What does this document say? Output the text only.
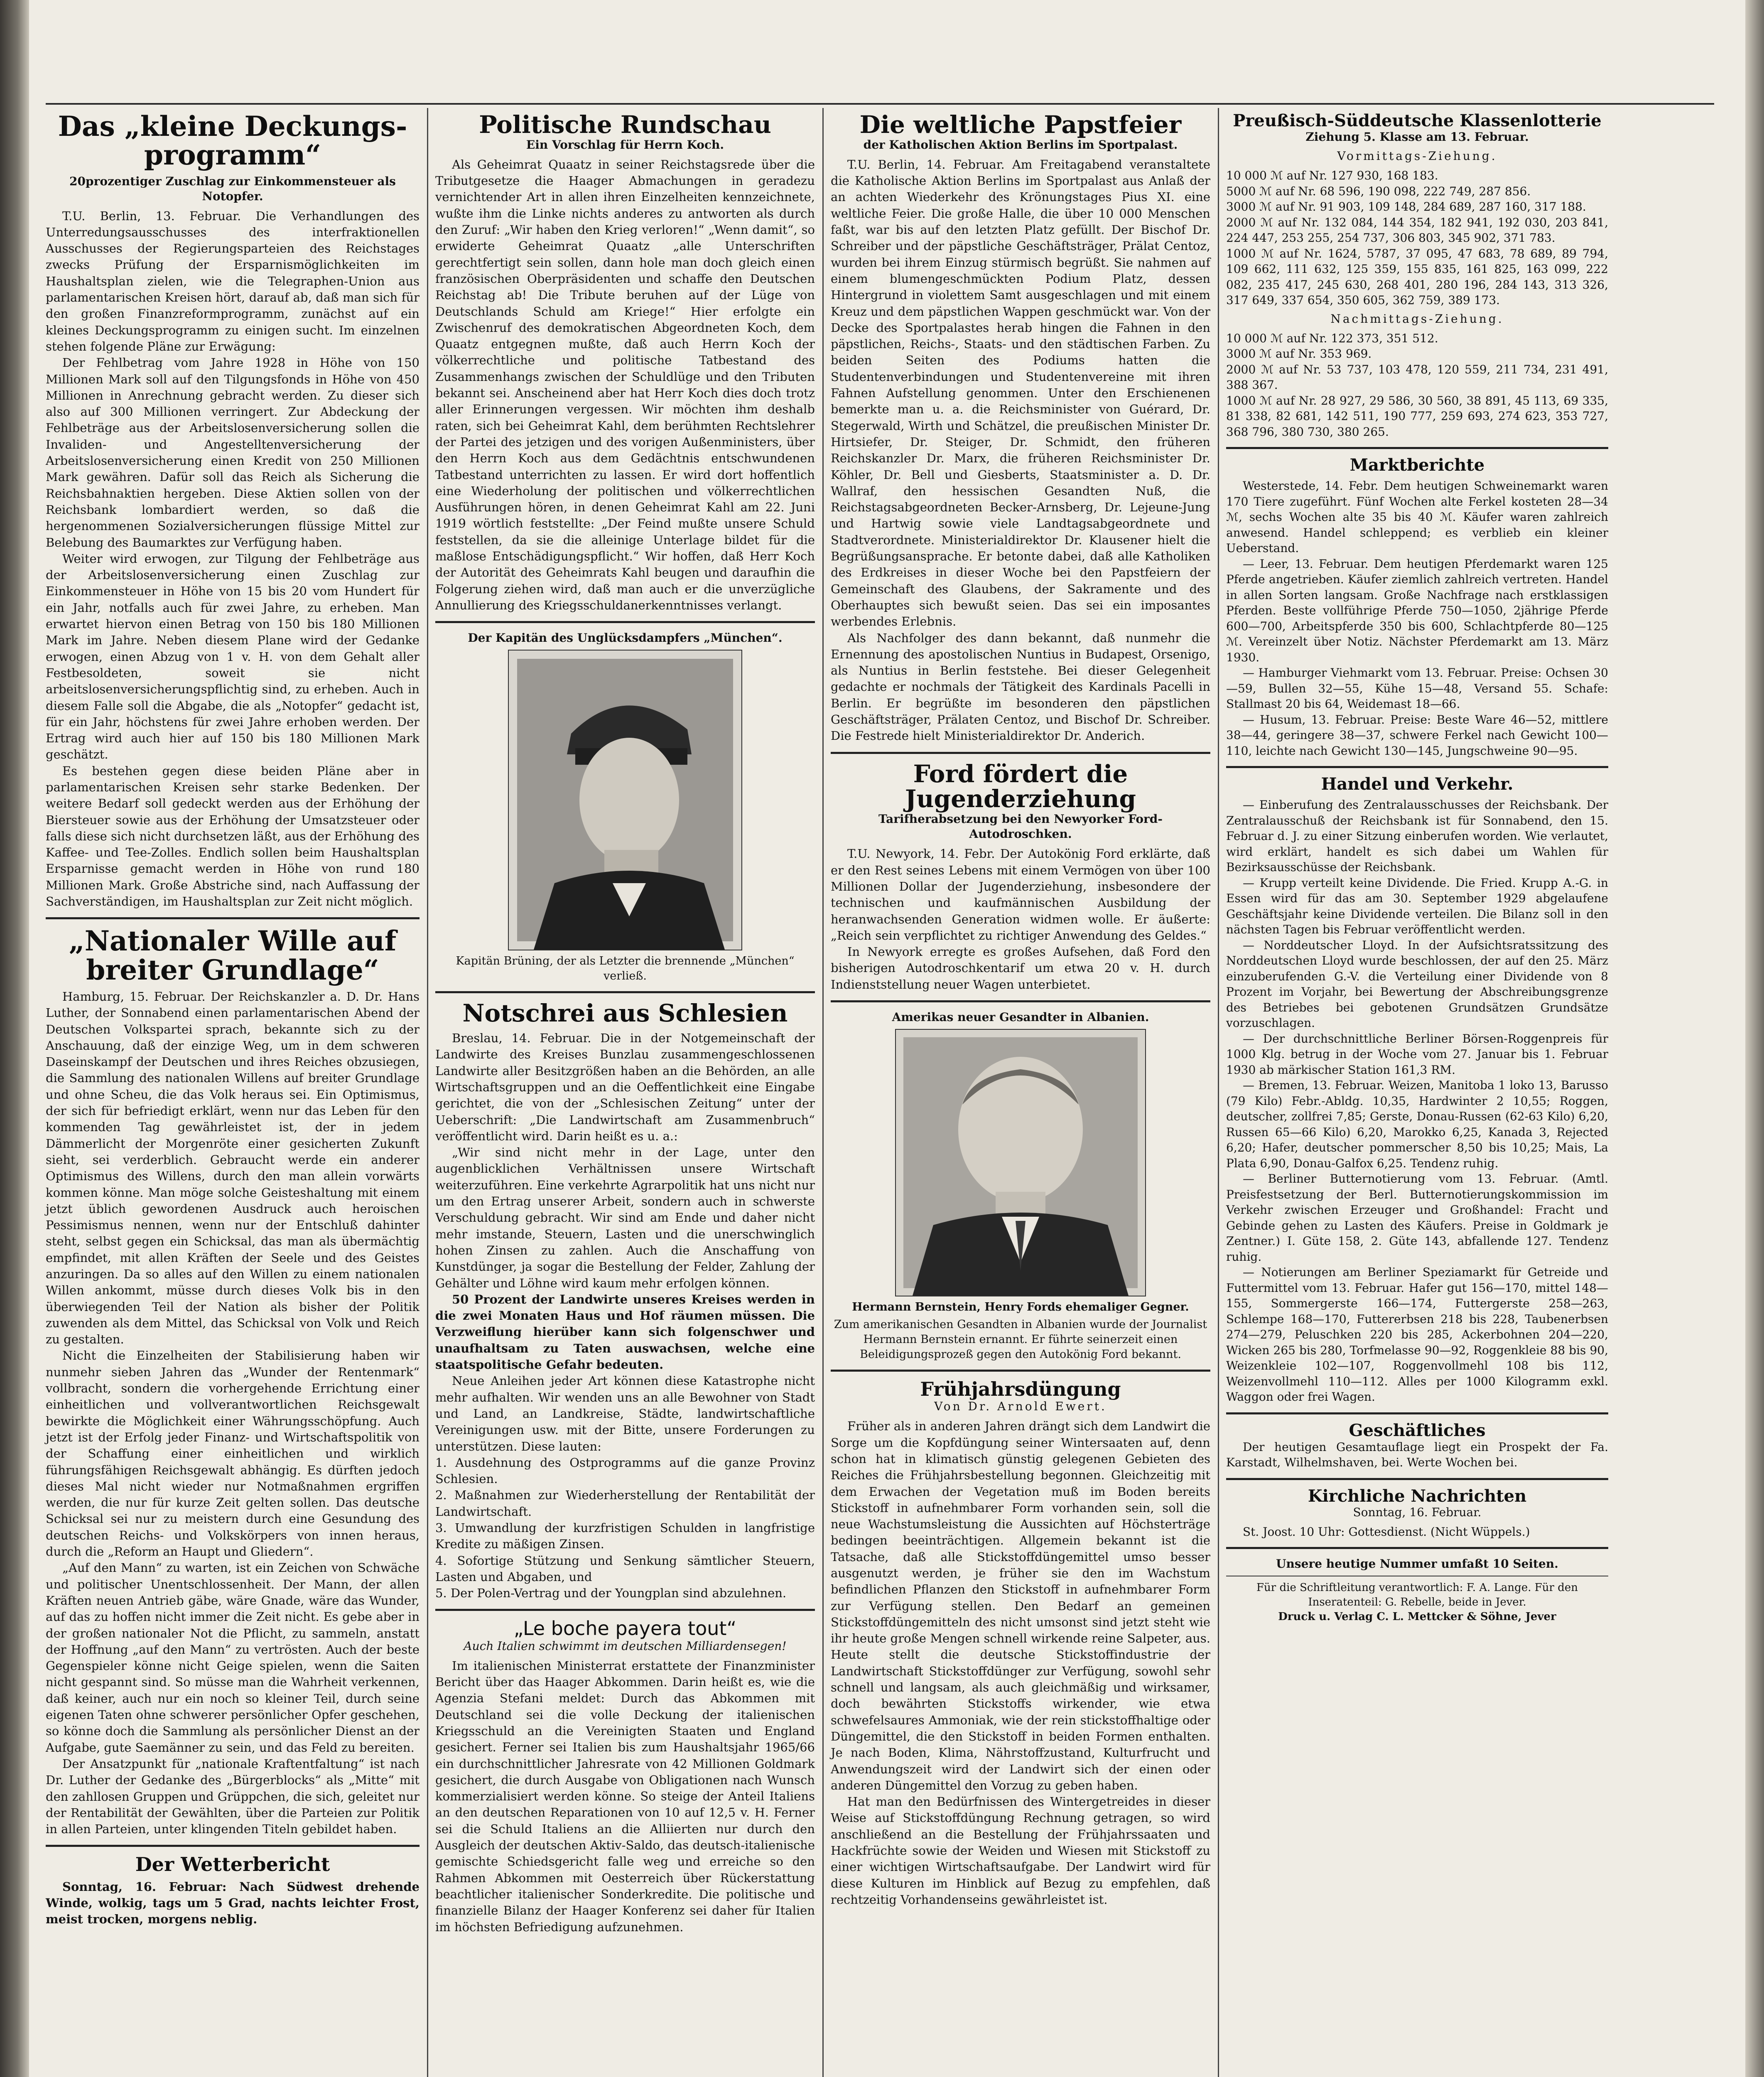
Das „kleine Deckungs-programm“
20prozentiger Zuschlag zur Einkommensteuer als Notopfer.

T.U. Berlin, 13. Februar. Die Verhandlungen des Unterredungsausschusses des interfraktionellen Ausschusses der Regierungsparteien des Reichstages zwecks Prüfung der Ersparnismöglichkeiten im Haushaltsplan zielen, wie die Telegraphen-Union aus parlamentarischen Kreisen hört, darauf ab, daß man sich für den großen Finanzreformprogramm, zunächst auf ein kleines Deckungsprogramm zu einigen sucht. Im einzelnen stehen folgende Pläne zur Erwägung:

Der Fehlbetrag vom Jahre 1928 in Höhe von 150 Millionen Mark soll auf den Tilgungsfonds in Höhe von 450 Millionen in Anrechnung gebracht werden. Zu dieser sich also auf 300 Millionen verringert. Zur Abdeckung der Fehlbeträge aus der Arbeitslosenversicherung sollen die Invaliden- und Angestelltenversicherung der Arbeitslosenversicherung einen Kredit von 250 Millionen Mark gewähren. Dafür soll das Reich als Sicherung die Reichsbahnaktien hergeben. Diese Aktien sollen von der Reichsbank lombardiert werden, so daß die hergenommenen Sozialversicherungen flüssige Mittel zur Belebung des Baumarktes zur Verfügung haben.

Weiter wird erwogen, zur Tilgung der Fehlbeträge aus der Arbeitslosenversicherung einen Zuschlag zur Einkommensteuer in Höhe von 15 bis 20 vom Hundert für ein Jahr, notfalls auch für zwei Jahre, zu erheben. Man erwartet hiervon einen Betrag von 150 bis 180 Millionen Mark im Jahre. Neben diesem Plane wird der Gedanke erwogen, einen Abzug von 1 v. H. von dem Gehalt aller Festbesoldeten, soweit sie nicht arbeitslosenversicherungspflichtig sind, zu erheben. Auch in diesem Falle soll die Abgabe, die als „Notopfer“ gedacht ist, für ein Jahr, höchstens für zwei Jahre erhoben werden. Der Ertrag wird auch hier auf 150 bis 180 Millionen Mark geschätzt.

Es bestehen gegen diese beiden Pläne aber in parlamentarischen Kreisen sehr starke Bedenken. Der weitere Bedarf soll gedeckt werden aus der Erhöhung der Biersteuer sowie aus der Erhöhung der Umsatzsteuer oder falls diese sich nicht durchsetzen läßt, aus der Erhöhung des Kaffee- und Tee-Zolles. Endlich sollen beim Haushaltsplan Ersparnisse gemacht werden in Höhe von rund 180 Millionen Mark. Große Abstriche sind, nach Auffassung der Sachverständigen, im Haushaltsplan zur Zeit nicht möglich.

„Nationaler Wille auf breiter Grundlage“

Hamburg, 15. Februar. Der Reichskanzler a. D. Dr. Hans Luther, der Sonnabend einen parlamentarischen Abend der Deutschen Volkspartei sprach, bekannte sich zu der Anschauung, daß der einzige Weg, um in dem schweren Daseinskampf der Deutschen und ihres Reiches obzusiegen, die Sammlung des nationalen Willens auf breiter Grundlage und ohne Scheu, die das Volk heraus sei. Ein Optimismus, der sich für befriedigt erklärt, wenn nur das Leben für den kommenden Tag gewährleistet ist, der in jedem Dämmerlicht der Morgenröte einer gesicherten Zukunft sieht, sei verderblich. Gebraucht werde ein anderer Optimismus des Willens, durch den man allein vorwärts kommen könne. Man möge solche Geisteshaltung mit einem jetzt üblich gewordenen Ausdruck auch heroischen Pessimismus nennen, wenn nur der Entschluß dahinter steht, selbst gegen ein Schicksal, das man als übermächtig empfindet, mit allen Kräften der Seele und des Geistes anzuringen. Da so alles auf den Willen zu einem nationalen Willen ankommt, müsse durch dieses Volk bis in den überwiegenden Teil der Nation als bisher der Politik zuwenden als dem Mittel, das Schicksal von Volk und Reich zu gestalten.

Nicht die Einzelheiten der Stabilisierung haben wir nunmehr sieben Jahren das „Wunder der Rentenmark“ vollbracht, sondern die vorhergehende Errichtung einer einheitlichen und vollverantwortlichen Reichsgewalt bewirkte die Möglichkeit einer Währungsschöpfung. Auch jetzt ist der Erfolg jeder Finanz- und Wirtschaftspolitik von der Schaffung einer einheitlichen und wirklich führungsfähigen Reichsgewalt abhängig. Es dürften jedoch dieses Mal nicht wieder nur Notmaßnahmen ergriffen werden, die nur für kurze Zeit gelten sollen. Das deutsche Schicksal sei nur zu meistern durch eine Gesundung des deutschen Reichs- und Volkskörpers von innen heraus, durch die „Reform an Haupt und Gliedern“.

„Auf den Mann“ zu warten, ist ein Zeichen von Schwäche und politischer Unentschlossenheit. Der Mann, der allen Kräften neuen Antrieb gäbe, wäre Gnade, wäre das Wunder, auf das zu hoffen nicht immer die Zeit nicht. Es gebe aber in der großen nationaler Not die Pflicht, zu sammeln, anstatt der Hoffnung „auf den Mann“ zu vertrösten. Auch der beste Gegenspieler könne nicht Geige spielen, wenn die Saiten nicht gespannt sind. So müsse man die Wahrheit verkennen, daß keiner, auch nur ein noch so kleiner Teil, durch seine eigenen Taten ohne schwerer persönlicher Opfer geschehen, so könne doch die Sammlung als persönlicher Dienst an der Aufgabe, gute Saemänner zu sein, und das Feld zu bereiten.

Der Ansatzpunkt für „nationale Kraftentfaltung“ ist nach Dr. Luther der Gedanke des „Bürgerblocks“ als „Mitte“ mit den zahllosen Gruppen und Grüppchen, die sich, geleitet nur der Rentabilität der Gewählten, über die Parteien zur Politik in allen Parteien, unter klingenden Titeln gebildet haben.

Der Wetterbericht

Sonntag, 16. Februar: Nach Südwest drehende Winde, wolkig, tags um 5 Grad, nachts leichter Frost, meist trocken, morgens neblig.

Politische Rundschau
Ein Vorschlag für Herrn Koch.

Als Geheimrat Quaatz in seiner Reichstagsrede über die Tributgesetze die Haager Abmachungen in geradezu vernichtender Art in allen ihren Einzelheiten kennzeichnete, wußte ihm die Linke nichts anderes zu antworten als durch den Zuruf: „Wir haben den Krieg verloren!“ „Wenn damit“, so erwiderte Geheimrat Quaatz „alle Unterschriften gerechtfertigt sein sollen, dann hole man doch gleich einen französischen Oberpräsidenten und schaffe den Deutschen Reichstag ab! Die Tribute beruhen auf der Lüge von Deutschlands Schuld am Kriege!“ Hier erfolgte ein Zwischenruf des demokratischen Abgeordneten Koch, dem Quaatz entgegnen mußte, daß auch Herrn Koch der völkerrechtliche und politische Tatbestand des Zusammenhangs zwischen der Schuldlüge und den Tributen bekannt sei. Anscheinend aber hat Herr Koch dies doch trotz aller Erinnerungen vergessen. Wir möchten ihm deshalb raten, sich bei Geheimrat Kahl, dem berühmten Rechtslehrer der Partei des jetzigen und des vorigen Außenministers, über den Herrn Koch aus dem Gedächtnis entschwundenen Tatbestand unterrichten zu lassen. Er wird dort hoffentlich eine Wiederholung der politischen und völkerrechtlichen Ausführungen hören, in denen Geheimrat Kahl am 22. Juni 1919 wörtlich feststellte: „Der Feind mußte unsere Schuld feststellen, da sie die alleinige Unterlage bildet für die maßlose Entschädigungspflicht.“ Wir hoffen, daß Herr Koch der Autorität des Geheimrats Kahl beugen und daraufhin die Folgerung ziehen wird, daß man auch er die unverzügliche Annullierung des Kriegsschuldanerkenntnisses verlangt.

Der Kapitän des Unglücksdampfers „München“.
Kapitän Brüning, der als Letzter die brennende „München“ verließ.
Notschrei aus Schlesien

Breslau, 14. Februar. Die in der Notgemeinschaft der Landwirte des Kreises Bunzlau zusammengeschlossenen Landwirte aller Besitzgrößen haben an die Behörden, an alle Wirtschaftsgruppen und an die Oeffentlichkeit eine Eingabe gerichtet, die von der „Schlesischen Zeitung“ unter der Ueberschrift: „Die Landwirtschaft am Zusammenbruch“ veröffentlicht wird. Darin heißt es u. a.:

„Wir sind nicht mehr in der Lage, unter den augenblicklichen Verhältnissen unsere Wirtschaft weiterzuführen. Eine verkehrte Agrarpolitik hat uns nicht nur um den Ertrag unserer Arbeit, sondern auch in schwerste Verschuldung gebracht. Wir sind am Ende und daher nicht mehr imstande, Steuern, Lasten und die unerschwinglich hohen Zinsen zu zahlen. Auch die Anschaffung von Kunstdünger, ja sogar die Bestellung der Felder, Zahlung der Gehälter und Löhne wird kaum mehr erfolgen können.

50 Prozent der Landwirte unseres Kreises werden in die zwei Monaten Haus und Hof räumen müssen. Die Verzweiflung hierüber kann sich folgenschwer und unaufhaltsam zu Taten auswachsen, welche eine staatspolitische Gefahr bedeuten.

Neue Anleihen jeder Art können diese Katastrophe nicht mehr aufhalten. Wir wenden uns an alle Bewohner von Stadt und Land, an Landkreise, Städte, landwirtschaftliche Vereinigungen usw. mit der Bitte, unsere Forderungen zu unterstützen. Diese lauten:

1. Ausdehnung des Ostprogramms auf die ganze Provinz Schlesien.

2. Maßnahmen zur Wiederherstellung der Rentabilität der Landwirtschaft.

3. Umwandlung der kurzfristigen Schulden in langfristige Kredite zu mäßigen Zinsen.

4. Sofortige Stützung und Senkung sämtlicher Steuern, Lasten und Abgaben, und

5. Der Polen-Vertrag und der Youngplan sind abzulehnen.

„Le boche payera tout“
Auch Italien schwimmt im deutschen Milliardensegen!

Im italienischen Ministerrat erstattete der Finanzminister Bericht über das Haager Abkommen. Darin heißt es, wie die Agenzia Stefani meldet: Durch das Abkommen mit Deutschland sei die volle Deckung der italienischen Kriegsschuld an die Vereinigten Staaten und England gesichert. Ferner sei Italien bis zum Haushaltsjahr 1965/66 ein durchschnittlicher Jahresrate von 42 Millionen Goldmark gesichert, die durch Ausgabe von Obligationen nach Wunsch kommerzialisiert werden könne. So steige der Anteil Italiens an den deutschen Reparationen von 10 auf 12,5 v. H. Ferner sei die Schuld Italiens an die Alliierten nur durch den Ausgleich der deutschen Aktiv-Saldo, das deutsch-italienische gemischte Schiedsgericht falle weg und erreiche so den Rahmen Abkommen mit Oesterreich über Rückerstattung beachtlicher italienischer Sonderkredite. Die politische und finanzielle Bilanz der Haager Konferenz sei daher für Italien im höchsten Befriedigung aufzunehmen.

Die weltliche Papstfeier
der Katholischen Aktion Berlins im Sportpalast.

T.U. Berlin, 14. Februar. Am Freitagabend veranstaltete die Katholische Aktion Berlins im Sportpalast aus Anlaß der an achten Wiederkehr des Krönungstages Pius XI. eine weltliche Feier. Die große Halle, die über 10 000 Menschen faßt, war bis auf den letzten Platz gefüllt. Der Bischof Dr. Schreiber und der päpstliche Geschäftsträger, Prälat Centoz, wurden bei ihrem Einzug stürmisch begrüßt. Sie nahmen auf einem blumengeschmückten Podium Platz, dessen Hintergrund in violettem Samt ausgeschlagen und mit einem Kreuz und dem päpstlichen Wappen geschmückt war. Von der Decke des Sportpalastes herab hingen die Fahnen in den päpstlichen, Reichs-, Staats- und den städtischen Farben. Zu beiden Seiten des Podiums hatten die Studentenverbindungen und Studentenvereine mit ihren Fahnen Aufstellung genommen. Unter den Erschienenen bemerkte man u. a. die Reichsminister von Guérard, Dr. Stegerwald, Wirth und Schätzel, die preußischen Minister Dr. Hirtsiefer, Dr. Steiger, Dr. Schmidt, den früheren Reichskanzler Dr. Marx, die früheren Reichsminister Dr. Köhler, Dr. Bell und Giesberts, Staatsminister a. D. Dr. Wallraf, den hessischen Gesandten Nuß, die Reichstagsabgeordneten Becker-Arnsberg, Dr. Lejeune-Jung und Hartwig sowie viele Landtagsabgeordnete und Stadtverordnete. Ministerialdirektor Dr. Klausener hielt die Begrüßungsansprache. Er betonte dabei, daß alle Katholiken des Erdkreises in dieser Woche bei den Papstfeiern der Gemeinschaft des Glaubens, der Sakramente und des Oberhauptes sich bewußt seien. Das sei ein imposantes werbendes Erlebnis.

Als Nachfolger des dann bekannt, daß nunmehr die Ernennung des apostolischen Nuntius in Budapest, Orsenigo, als Nuntius in Berlin feststehe. Bei dieser Gelegenheit gedachte er nochmals der Tätigkeit des Kardinals Pacelli in Berlin. Er begrüßte im besonderen den päpstlichen Geschäftsträger, Prälaten Centoz, und Bischof Dr. Schreiber. Die Festrede hielt Ministerialdirektor Dr. Anderich.

Ford fördert die Jugenderziehung
Tarifherabsetzung bei den Newyorker Ford-Autodroschken.

T.U. Newyork, 14. Febr. Der Autokönig Ford erklärte, daß er den Rest seines Lebens mit einem Vermögen von über 100 Millionen Dollar der Jugenderziehung, insbesondere der technischen und kaufmännischen Ausbildung der heranwachsenden Generation widmen wolle. Er äußerte: „Reich sein verpflichtet zu richtiger Anwendung des Geldes.“

In Newyork erregte es großes Aufsehen, daß Ford den bisherigen Autodroschkentarif um etwa 20 v. H. durch Indienststellung neuer Wagen unterbietet.

Amerikas neuer Gesandter in Albanien.
Hermann Bernstein, Henry Fords ehemaliger Gegner.
Zum amerikanischen Gesandten in Albanien wurde der Journalist Hermann Bernstein ernannt. Er führte seinerzeit einen Beleidigungsprozeß gegen den Autokönig Ford bekannt.
Frühjahrsdüngung
Von Dr. Arnold Ewert.

Früher als in anderen Jahren drängt sich dem Landwirt die Sorge um die Kopfdüngung seiner Wintersaaten auf, denn schon hat in klimatisch günstig gelegenen Gebieten des Reiches die Frühjahrsbestellung begonnen. Gleichzeitig mit dem Erwachen der Vegetation muß im Boden bereits Stickstoff in aufnehmbarer Form vorhanden sein, soll die neue Wachstumsleistung die Aussichten auf Höchsterträge bedingen beeinträchtigen. Allgemein bekannt ist die Tatsache, daß alle Stickstoffdüngemittel umso besser ausgenutzt werden, je früher sie den im Wachstum befindlichen Pflanzen den Stickstoff in aufnehmbarer Form zur Verfügung stellen. Den Bedarf an gemeinen Stickstoffdüngemitteln des nicht umsonst sind jetzt steht wie ihr heute große Mengen schnell wirkende reine Salpeter, aus. Heute stellt die deutsche Stickstoffindustrie der Landwirtschaft Stickstoffdünger zur Verfügung, sowohl sehr schnell und langsam, als auch gleichmäßig und wirksamer, doch bewährten Stickstoffs wirkender, wie etwa schwefelsaures Ammoniak, wie der rein stickstoffhaltige oder Düngemittel, die den Stickstoff in beiden Formen enthalten. Je nach Boden, Klima, Nährstoffzustand, Kulturfrucht und Anwendungszeit wird der Landwirt sich der einen oder anderen Düngemittel den Vorzug zu geben haben.

Hat man den Bedürfnissen des Wintergetreides in dieser Weise auf Stickstoffdüngung Rechnung getragen, so wird anschließend an die Bestellung der Frühjahrssaaten und Hackfrüchte sowie der Weiden und Wiesen mit Stickstoff zu einer wichtigen Wirtschaftsaufgabe. Der Landwirt wird für diese Kulturen im Hinblick auf Bezug zu empfehlen, daß rechtzeitig Vorhandenseins gewährleistet ist.

Preußisch-Süddeutsche Klassenlotterie
Ziehung 5. Klasse am 13. Februar.
Vormittags-Ziehung.

10 000 ℳ auf Nr. 127 930, 168 183.

5000 ℳ auf Nr. 68 596, 190 098, 222 749, 287 856.

3000 ℳ auf Nr. 91 903, 109 148, 284 689, 287 160, 317 188.

2000 ℳ auf Nr. 132 084, 144 354, 182 941, 192 030, 203 841, 224 447, 253 255, 254 737, 306 803, 345 902, 371 783.

1000 ℳ auf Nr. 1624, 5787, 37 095, 47 683, 78 689, 89 794, 109 662, 111 632, 125 359, 155 835, 161 825, 163 099, 222 082, 235 417, 245 630, 268 401, 280 196, 284 143, 313 326, 317 649, 337 654, 350 605, 362 759, 389 173.

Nachmittags-Ziehung.

10 000 ℳ auf Nr. 122 373, 351 512.

3000 ℳ auf Nr. 353 969.

2000 ℳ auf Nr. 53 737, 103 478, 120 559, 211 734, 231 491, 388 367.

1000 ℳ auf Nr. 28 927, 29 586, 30 560, 38 891, 45 113, 69 335, 81 338, 82 681, 142 511, 190 777, 259 693, 274 623, 353 727, 368 796, 380 730, 380 265.

Marktberichte

Westerstede, 14. Febr. Dem heutigen Schweinemarkt waren 170 Tiere zugeführt. Fünf Wochen alte Ferkel kosteten 28—34 ℳ, sechs Wochen alte 35 bis 40 ℳ. Käufer waren zahlreich anwesend. Handel schleppend; es verblieb ein kleiner Ueberstand.

— Leer, 13. Februar. Dem heutigen Pferdemarkt waren 125 Pferde angetrieben. Käufer ziemlich zahlreich vertreten. Handel in allen Sorten langsam. Große Nachfrage nach erstklassigen Pferden. Beste vollführige Pferde 750—1050, 2jährige Pferde 600—700, Arbeitspferde 350 bis 600, Schlachtpferde 80—125 ℳ. Vereinzelt über Notiz. Nächster Pferdemarkt am 13. März 1930.

— Hamburger Viehmarkt vom 13. Februar. Preise: Ochsen 30—59, Bullen 32—55, Kühe 15—48, Versand 55. Schafe: Stallmast 20 bis 64, Weidemast 18—66.

— Husum, 13. Februar. Preise: Beste Ware 46—52, mittlere 38—44, geringere 38—37, schwere Ferkel nach Gewicht 100—110, leichte nach Gewicht 130—145, Jungschweine 90—95.

Handel und Verkehr.

— Einberufung des Zentralausschusses der Reichsbank. Der Zentralausschuß der Reichsbank ist für Sonnabend, den 15. Februar d. J. zu einer Sitzung einberufen worden. Wie verlautet, wird erklärt, handelt es sich dabei um Wahlen für Bezirksausschüsse der Reichsbank.

— Krupp verteilt keine Dividende. Die Fried. Krupp A.-G. in Essen wird für das am 30. September 1929 abgelaufene Geschäftsjahr keine Dividende verteilen. Die Bilanz soll in den nächsten Tagen bis Februar veröffentlicht werden.

— Norddeutscher Lloyd. In der Aufsichtsratssitzung des Norddeutschen Lloyd wurde beschlossen, der auf den 25. März einzuberufenden G.-V. die Verteilung einer Dividende von 8 Prozent im Vorjahr, bei Bewertung der Abschreibungsgrenze des Betriebes bei gebotenen Grundsätzen Grundsätze vorzuschlagen.

— Der durchschnittliche Berliner Börsen-Roggenpreis für 1000 Klg. betrug in der Woche vom 27. Januar bis 1. Februar 1930 ab märkischer Station 161,3 RM.

— Bremen, 13. Februar. Weizen, Manitoba 1 loko 13, Barusso (79 Kilo) Febr.-Abldg. 10,35, Hardwinter 2 10,55; Roggen, deutscher, zollfrei 7,85; Gerste, Donau-Russen (62-63 Kilo) 6,20, Russen 65—66 Kilo) 6,20, Marokko 6,25, Kanada 3, Rejected 6,20; Hafer, deutscher pommerscher 8,50 bis 10,25; Mais, La Plata 6,90, Donau-Galfox 6,25. Tendenz ruhig.

— Berliner Butternotierung vom 13. Februar. (Amtl. Preisfestsetzung der Berl. Butternotierungskommission im Verkehr zwischen Erzeuger und Großhandel: Fracht und Gebinde gehen zu Lasten des Käufers. Preise in Goldmark je Zentner.) I. Güte 158, 2. Güte 143, abfallende 127. Tendenz ruhig.

— Notierungen am Berliner Speziamarkt für Getreide und Futtermittel vom 13. Februar. Hafer gut 156—170, mittel 148—155, Sommergerste 166—174, Futtergerste 258—263, Schlempe 168—170, Futtererbsen 218 bis 228, Taubenerbsen 274—279, Peluschken 220 bis 285, Ackerbohnen 204—220, Wicken 265 bis 280, Torfmelasse 90—92, Roggenkleie 88 bis 90, Weizenkleie 102—107, Roggenvollmehl 108 bis 112, Weizenvollmehl 110—112. Alles per 1000 Kilogramm exkl. Waggon oder frei Wagen.

Geschäftliches

Der heutigen Gesamtauflage liegt ein Prospekt der Fa. Karstadt, Wilhelmshaven, bei. Werte Wochen bei.

Kirchliche Nachrichten
Sonntag, 16. Februar.

St. Joost. 10 Uhr: Gottesdienst. (Nicht Wüppels.)

Unsere heutige Nummer umfaßt 10 Seiten.
Für die Schriftleitung verantwortlich: F. A. Lange. Für den Inseratenteil: G. Rebelle, beide in Jever.
Druck u. Verlag C. L. Mettcker & Söhne, Jever
